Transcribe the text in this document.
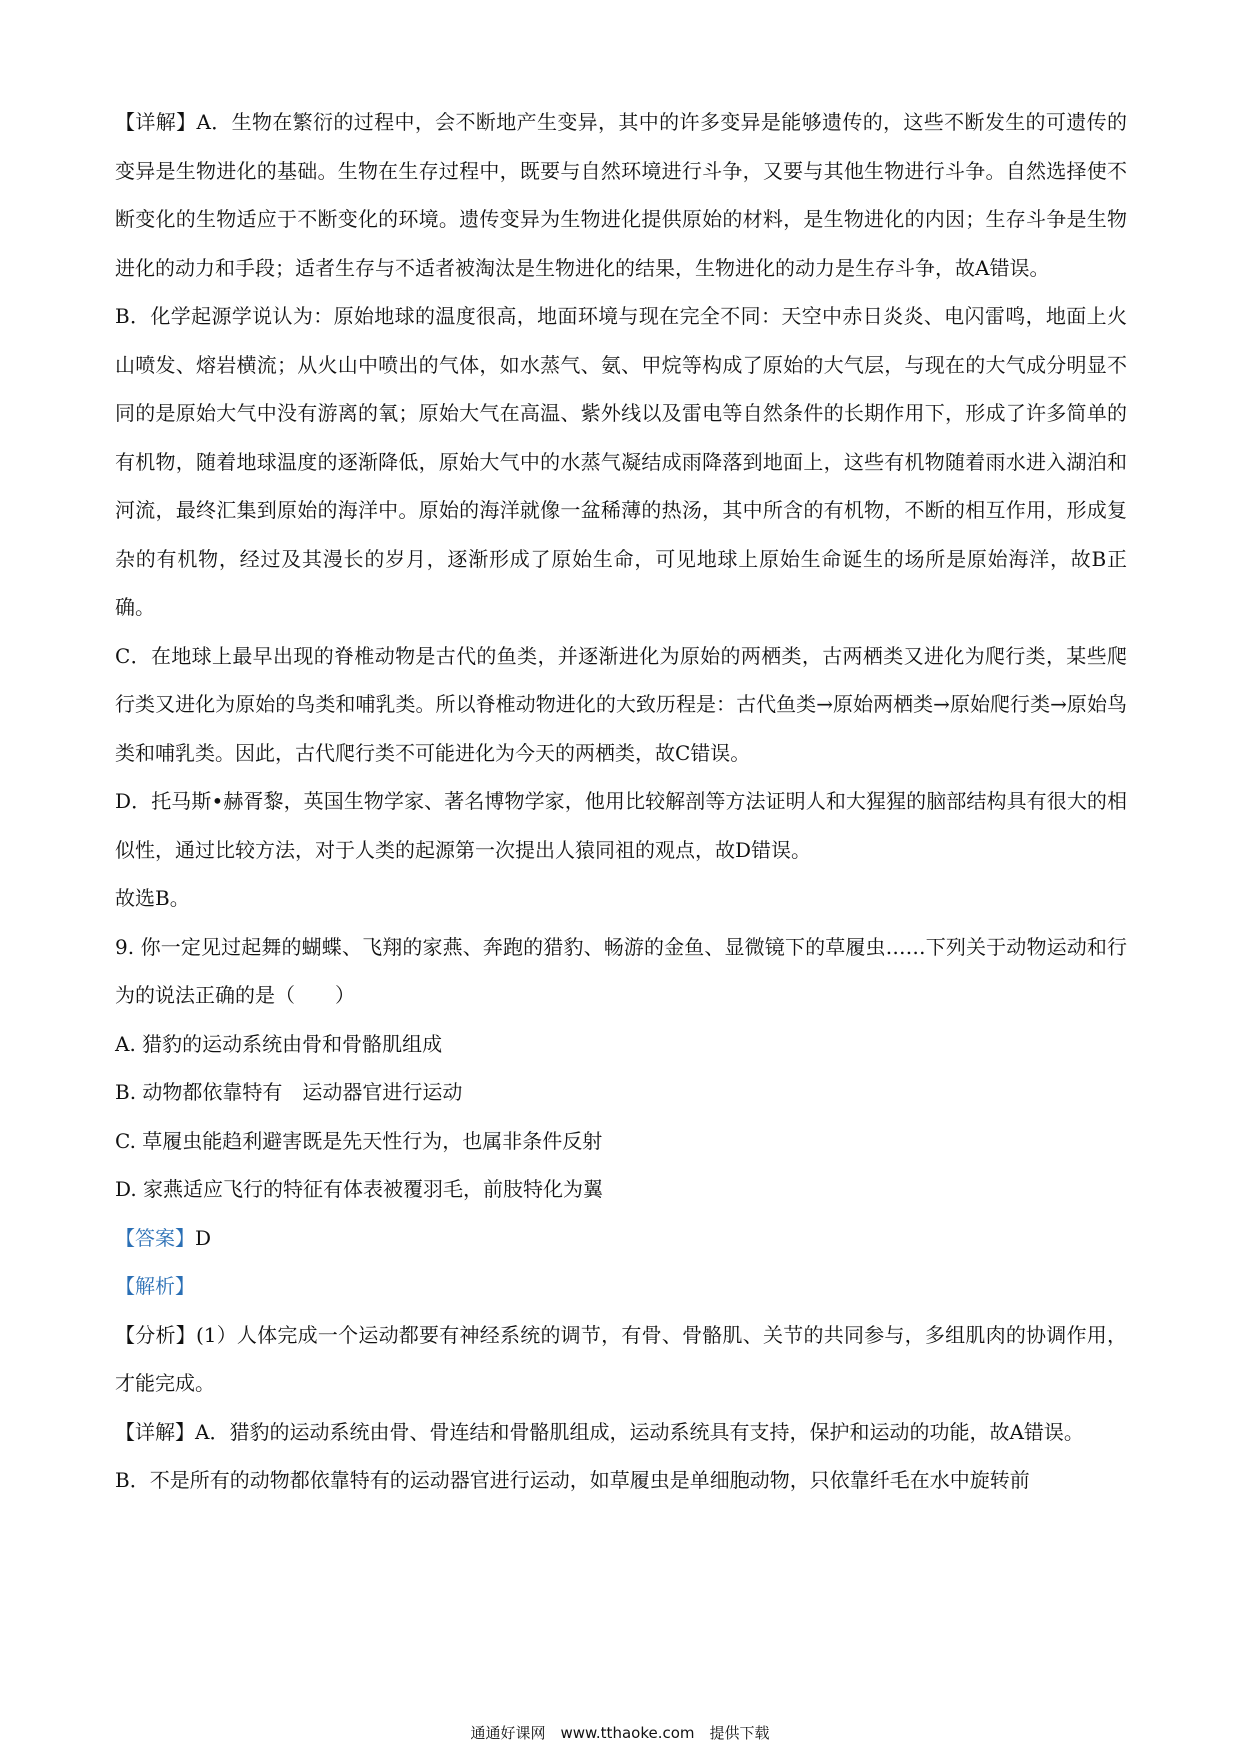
【详解】A．生物在繁衍的过程中，会不断地产生变异，其中的许多变异是能够遗传的，这些不断发生的可遗传的变异是生物进化的基础。生物在生存过程中，既要与自然环境进行斗争，又要与其他生物进行斗争。自然选择使不断变化的生物适应于不断变化的环境。遗传变异为生物进化提供原始的材料，是生物进化的内因；生存斗争是生物进化的动力和手段；适者生存与不适者被淘汰是生物进化的结果，生物进化的动力是生存斗争，故A错误。

B．化学起源学说认为：原始地球的温度很高，地面环境与现在完全不同：天空中赤日炎炎、电闪雷鸣，地面上火山喷发、熔岩横流；从火山中喷出的气体，如水蒸气、氨、甲烷等构成了原始的大气层，与现在的大气成分明显不同的是原始大气中没有游离的氧；原始大气在高温、紫外线以及雷电等自然条件的长期作用下，形成了许多简单的有机物，随着地球温度的逐渐降低，原始大气中的水蒸气凝结成雨降落到地面上，这些有机物随着雨水进入湖泊和河流，最终汇集到原始的海洋中。原始的海洋就像一盆稀薄的热汤，其中所含的有机物，不断的相互作用，形成复杂的有机物，经过及其漫长的岁月，逐渐形成了原始生命，可见地球上原始生命诞生的场所是原始海洋，故B正确。

C．在地球上最早出现的脊椎动物是古代的鱼类，并逐渐进化为原始的两栖类，古两栖类又进化为爬行类，某些爬行类又进化为原始的鸟类和哺乳类。所以脊椎动物进化的大致历程是：古代鱼类→原始两栖类→原始爬行类→原始鸟类和哺乳类。因此，古代爬行类不可能进化为今天的两栖类，故C错误。

D．托马斯•赫胥黎，英国生物学家、著名博物学家，他用比较解剖等方法证明人和大猩猩的脑部结构具有很大的相似性，通过比较方法，对于人类的起源第一次提出人猿同祖的观点，故D错误。

故选B。

9. 你一定见过起舞的蝴蝶、飞翔的家燕、奔跑的猎豹、畅游的金鱼、显微镜下的草履虫……下列关于动物运动和行为的说法正确的是（　　）

A. 猎豹的运动系统由骨和骨骼肌组成

B. 动物都依靠特有　运动器官进行运动

C. 草履虫能趋利避害既是先天性行为，也属非条件反射

D. 家燕适应飞行的特征有体表被覆羽毛，前肢特化为翼

【答案】D

【解析】

【分析】(1）人体完成一个运动都要有神经系统的调节，有骨、骨骼肌、关节的共同参与，多组肌肉的协调作用，才能完成。

【详解】A．猎豹的运动系统由骨、骨连结和骨骼肌组成，运动系统具有支持，保护和运动的功能，故A错误。

B．不是所有的动物都依靠特有的运动器官进行运动，如草履虫是单细胞动物，只依靠纤毛在水中旋转前

通通好课网　www.tthaoke.com　提供下载
